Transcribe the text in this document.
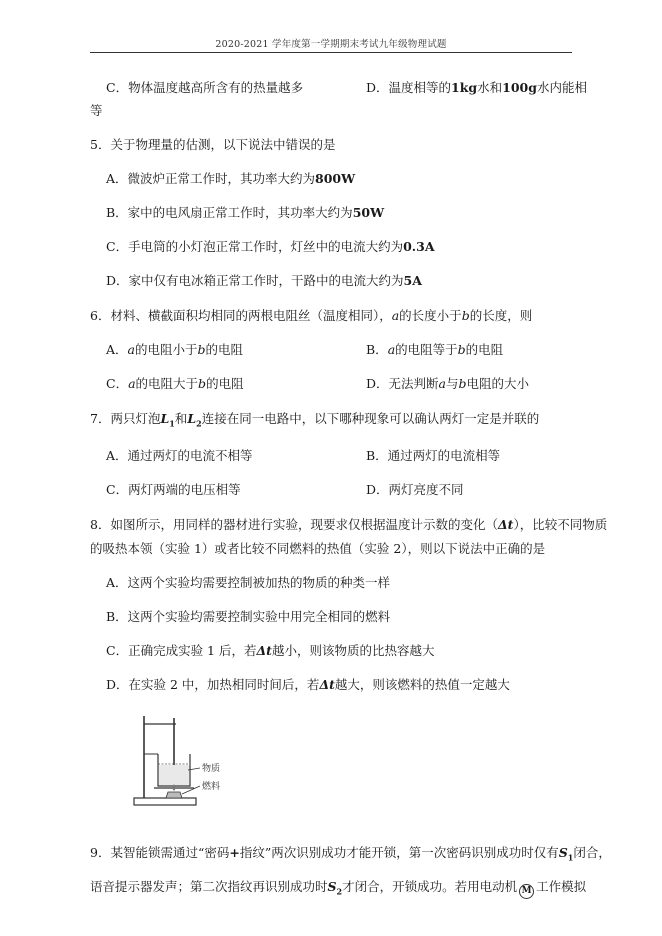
2020-2021 学年度第一学期期末考试九年级物理试题
C．物体温度越高所含有的热量越多	D．温度相等的1kg水和100g水内能相
等
5．关于物理量的估测，以下说法中错误的是
A．微波炉正常工作时，其功率大约为800W
B．家中的电风扇正常工作时，其功率大约为50W
C．手电筒的小灯泡正常工作时，灯丝中的电流大约为0.3A
D．家中仅有电冰箱正常工作时，干路中的电流大约为5A
6．材料、横截面积均相同的两根电阻丝（温度相同），a的长度小于b的长度，则
A．a的电阻小于b的电阻	B．a的电阻等于b的电阻
C．a的电阻大于b的电阻	D．无法判断a与b电阻的大小
7．两只灯泡$L_1$和$L_2$连接在同一电路中，以下哪种现象可以确认两灯一定是并联的
A．通过两灯的电流不相等	B．通过两灯的电流相等
C．两灯两端的电压相等	D．两灯亮度不同
8．如图所示，用同样的器材进行实验，现要求仅根据温度计示数的变化（Δt），比较不同物质
的吸热本领（实验 1）或者比较不同燃料的热值（实验 2），则以下说法中正确的是
A．这两个实验均需要控制被加热的物质的种类一样
B．这两个实验均需要控制实验中用完全相同的燃料
C．正确完成实验 1 后，若Δt越小，则该物质的比热容越大
D．在实验 2 中，加热相同时间后，若Δt越大，则该燃料的热值一定越大
物质
燃料
9．某智能锁需通过“密码+指纹”两次识别成功才能开锁，第一次密码识别成功时仅有$S_1$闭合，
语音提示器发声；第二次指纹再识别成功时$S_2$才闭合，开锁成功。若用电动机 M 工作模拟
